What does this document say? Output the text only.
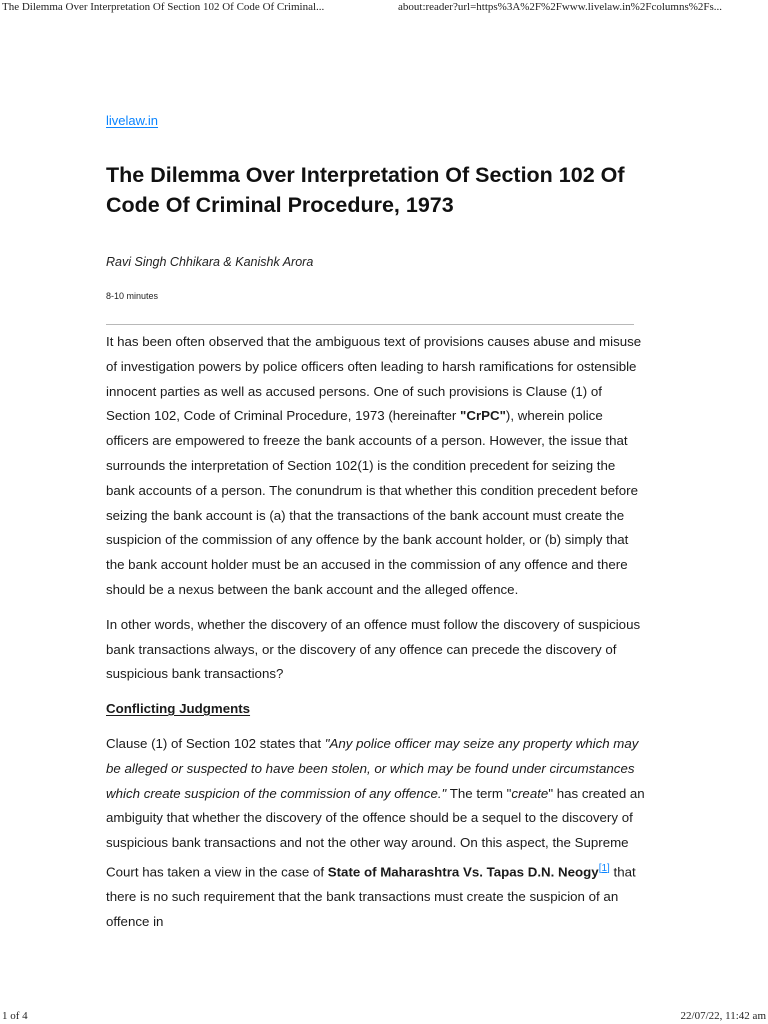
The Dilemma Over Interpretation Of Section 102 Of Code Of Criminal...	about:reader?url=https%3A%2F%2Fwww.livelaw.in%2Fcolumns%2Fs...
livelaw.in
The Dilemma Over Interpretation Of Section 102 Of Code Of Criminal Procedure, 1973
Ravi Singh Chhikara & Kanishk Arora
8-10 minutes

It has been often observed that the ambiguous text of provisions causes abuse and misuse of investigation powers by police officers often leading to harsh ramifications for ostensible innocent parties as well as accused persons. One of such provisions is Clause (1) of Section 102, Code of Criminal Procedure, 1973 (hereinafter "CrPC"), wherein police officers are empowered to freeze the bank accounts of a person. However, the issue that surrounds the interpretation of Section 102(1) is the condition precedent for seizing the bank accounts of a person. The conundrum is that whether this condition precedent before seizing the bank account is (a) that the transactions of the bank account must create the suspicion of the commission of any offence by the bank account holder, or (b) simply that the bank account holder must be an accused in the commission of any offence and there should be a nexus between the bank account and the alleged offence.

In other words, whether the discovery of an offence must follow the discovery of suspicious bank transactions always, or the discovery of any offence can precede the discovery of suspicious bank transactions?

Conflicting Judgments

Clause (1) of Section 102 states that "Any police officer may seize any property which may be alleged or suspected to have been stolen, or which may be found under circumstances which create suspicion of the commission of any offence." The term "create" has created an ambiguity that whether the discovery of the offence should be a sequel to the discovery of suspicious bank transactions and not the other way around. On this aspect, the Supreme Court has taken a view in the case of State of Maharashtra Vs. Tapas D.N. Neogy[1] that there is no such requirement that the bank transactions must create the suspicion of an offence in

1 of 4	22/07/22, 11:42 am
